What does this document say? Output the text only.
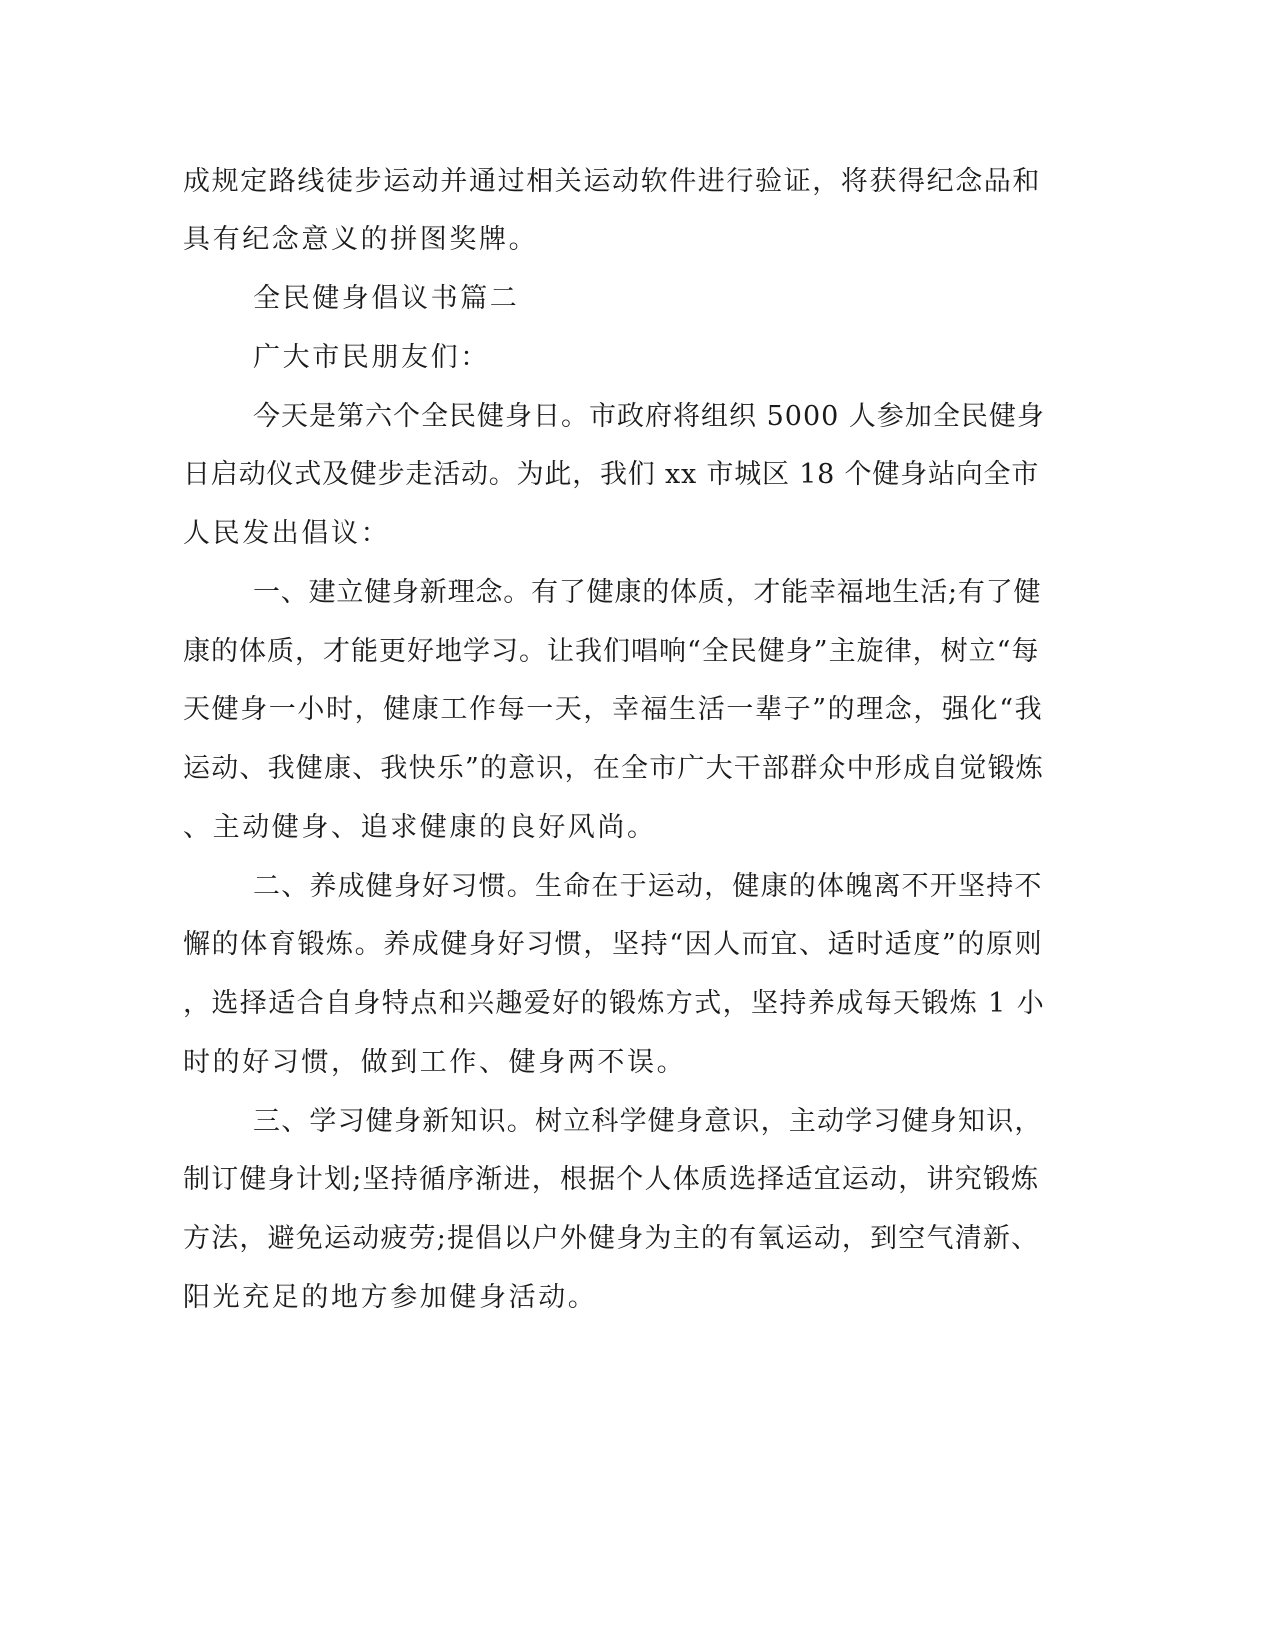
成规定路线徒步运动并通过相关运动软件进行验证，将获得纪念品和
具有纪念意义的拼图奖牌。
全民健身倡议书篇二
广大市民朋友们：
今天是第六个全民健身日。市政府将组织 5000 人参加全民健身
日启动仪式及健步走活动。为此，我们 xx 市城区 18 个健身站向全市
人民发出倡议：
一、建立健身新理念。有了健康的体质，才能幸福地生活;有了健
康的体质，才能更好地学习。让我们唱响“全民健身”主旋律，树立“每
天健身一小时，健康工作每一天，幸福生活一辈子”的理念，强化“我
运动、我健康、我快乐”的意识，在全市广大干部群众中形成自觉锻炼
、主动健身、追求健康的良好风尚。
二、养成健身好习惯。生命在于运动，健康的体魄离不开坚持不
懈的体育锻炼。养成健身好习惯，坚持“因人而宜、适时适度”的原则
，选择适合自身特点和兴趣爱好的锻炼方式，坚持养成每天锻炼 1 小
时的好习惯，做到工作、健身两不误。
三、学习健身新知识。树立科学健身意识，主动学习健身知识，
制订健身计划;坚持循序渐进，根据个人体质选择适宜运动，讲究锻炼
方法，避免运动疲劳;提倡以户外健身为主的有氧运动，到空气清新、
阳光充足的地方参加健身活动。
